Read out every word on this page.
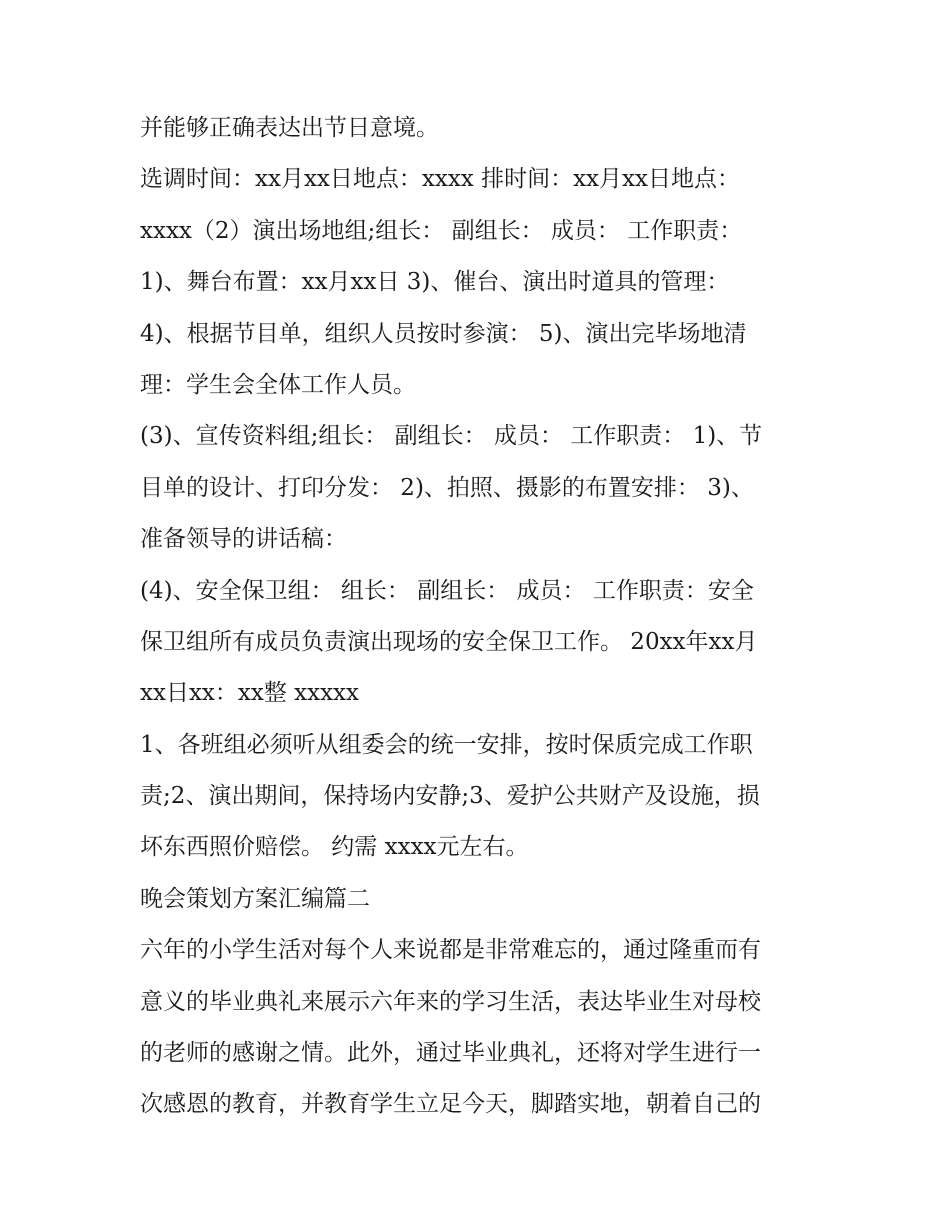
并能够正确表达出节日意境。
选调时间：xx月xx日地点：xxxx 排时间：xx月xx日地点：
xxxx（2）演出场地组;组长： 副组长： 成员： 工作职责：
1)、舞台布置：xx月xx日 3)、催台、演出时道具的管理：
4)、根据节目单，组织人员按时参演： 5)、演出完毕场地清
理：学生会全体工作人员。
(3)、宣传资料组;组长： 副组长： 成员： 工作职责： 1)、节
目单的设计、打印分发： 2)、拍照、摄影的布置安排： 3)、
准备领导的讲话稿：
(4)、安全保卫组： 组长： 副组长： 成员： 工作职责：安全
保卫组所有成员负责演出现场的安全保卫工作。 20xx年xx月
xx日xx：xx整 xxxxx
1、各班组必须听从组委会的统一安排，按时保质完成工作职
责;2、演出期间，保持场内安静;3、爱护公共财产及设施，损
坏东西照价赔偿。 约需 xxxx元左右。
晚会策划方案汇编篇二
六年的小学生活对每个人来说都是非常难忘的，通过隆重而有
意义的毕业典礼来展示六年来的学习生活，表达毕业生对母校
的老师的感谢之情。此外，通过毕业典礼，还将对学生进行一
次感恩的教育，并教育学生立足今天，脚踏实地，朝着自己的
